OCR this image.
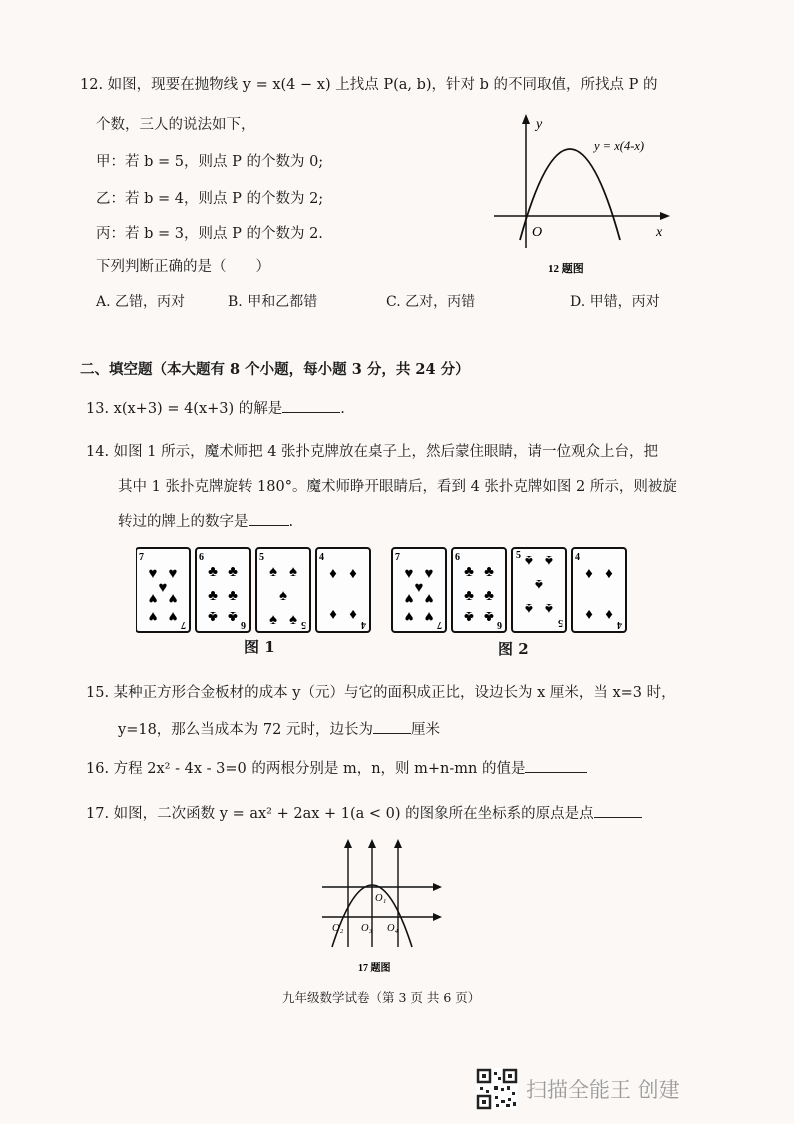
12. 如图，现要在抛物线 y = x(4 − x) 上找点 P(a, b)，针对 b 的不同取值，所找点 P 的
个数，三人的说法如下，
甲：若 b = 5，则点 P 的个数为 0;
乙：若 b = 4，则点 P 的个数为 2;
丙：若 b = 3，则点 P 的个数为 2.
下列判断正确的是（　　）
A. 乙错，丙对	B. 甲和乙都错	C. 乙对，丙错	D. 甲错，丙对
y
x
O
y = x(4-x)
12 题图
二、填空题（本大题有 8 个小题，每小题 3 分，共 24 分）
13. x(x+3) = 4(x+3) 的解是	.
14. 如图 1 所示，魔术师把 4 张扑克牌放在桌子上，然后蒙住眼睛，请一位观众上台，把
其中 1 张扑克牌旋转 180°。魔术师睁开眼睛后，看到 4 张扑克牌如图 2 所示，则被旋
转过的牌上的数字是	.
7
7
♥ ♥
♥
♥ ♥
♥ ♥
6
6
♣ ♣
♣ ♣
♣ ♣
5
5
♠ ♠
♠
♠ ♠
4
4
♦ ♦
♦ ♦
7
7
♥ ♥
♥
♥ ♥
♥ ♥
6
6
♣ ♣
♣ ♣
♣ ♣	5
5
♠
♠
♠
♠
♠	4
4
♦ ♦
♦ ♦
图 1	图 2
15. 某种正方形合金板材的成本 y（元）与它的面积成正比，设边长为 x 厘米，当 x=3 时，
y=18，那么当成本为 72 元时，边长为	厘米
16. 方程 2x² - 4x - 3=0 的两根分别是 m，n，则 m+n-mn 的值是
17. 如图，二次函数 y = ax² + 2ax + 1(a < 0) 的图象所在坐标系的原点是点
O₁
O₂ O₃ O₄
17 题图
九年级数学试卷（第 3 页 共 6 页）
扫描全能王 创建
